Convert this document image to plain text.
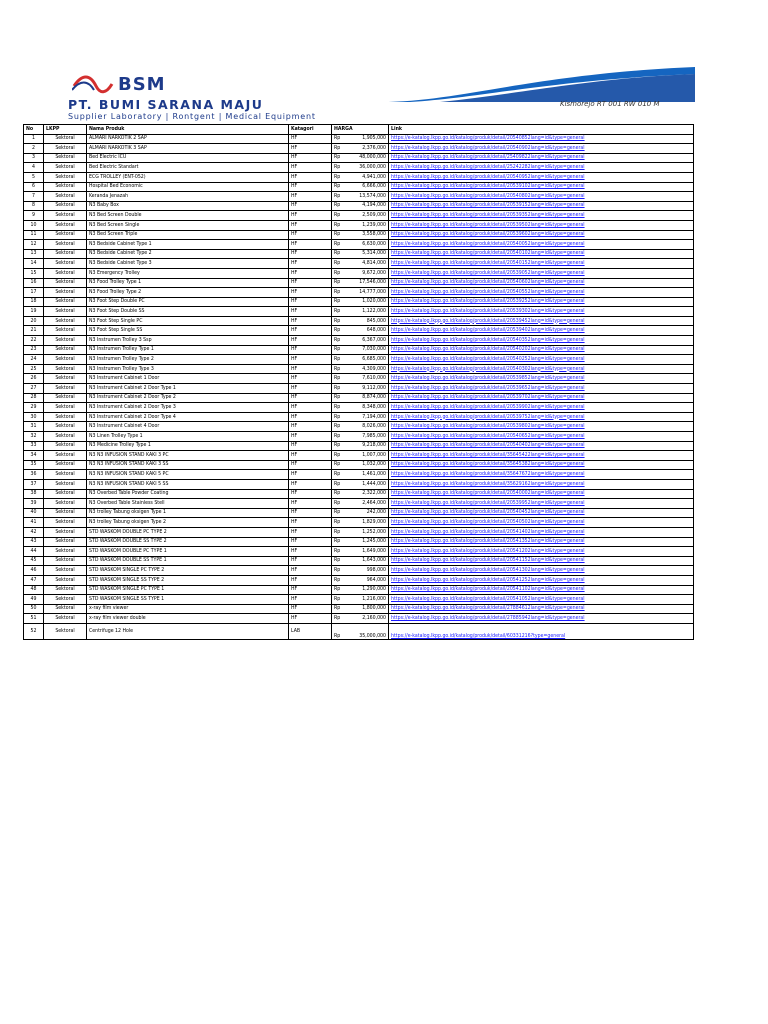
BSM
PT. BUMI SARANA MAJU
Supplier Laboratory | Rontgent | Medical Equipment
Kismorejo RT 001 RW 010 M
No	LKPP	Nama Produk	Katagori	HARGA		Link
1	Sektoral	ALMARI NARKOTIK 2 SAP	HF	Rp	1,905,000	https://e-katalog.lkpp.go.id/katalog/produk/detail/20540852lang=id&type=general
2	Sektoral	ALMARI NARKOTIK 3 SAP	HF	Rp	2,376,000	https://e-katalog.lkpp.go.id/katalog/produk/detail/20540902lang=id&type=general
3	Sektoral	Bed Electric ICU	HF	Rp	48,000,000	https://e-katalog.lkpp.go.id/katalog/produk/detail/25409822lang=id&type=general
4	Sektoral	Bed Electric Standart	HF	Rp	36,000,000	https://e-katalog.lkpp.go.id/katalog/produk/detail/25242282lang=id&type=general
5	Sektoral	ECG TROLLEY (ENT-052)	HF	Rp	4,941,000	https://e-katalog.lkpp.go.id/katalog/produk/detail/20540952lang=id&type=general
6	Sektoral	Hospital Bed Economic	HF	Rp	6,666,000	https://e-katalog.lkpp.go.id/katalog/produk/detail/20539102lang=id&type=general
7	Sektoral	Keranda Jenazah	HF	Rp	13,574,000	https://e-katalog.lkpp.go.id/katalog/produk/detail/20540802lang=id&type=general
8	Sektoral	N3 Baby Box	HF	Rp	4,194,000	https://e-katalog.lkpp.go.id/katalog/produk/detail/20539152lang=id&type=general
9	Sektoral	N3 Bed Screen Double	HF	Rp	2,509,000	https://e-katalog.lkpp.go.id/katalog/produk/detail/20539352lang=id&type=general
10	Sektoral	N3 Bed Screen Single	HF	Rp	1,239,000	https://e-katalog.lkpp.go.id/katalog/produk/detail/20539502lang=id&type=general
11	Sektoral	N3 Bed Screen Triple	HF	Rp	3,558,000	https://e-katalog.lkpp.go.id/katalog/produk/detail/20539602lang=id&type=general
12	Sektoral	N3 Bedside Cabinet Type 1	HF	Rp	6,630,000	https://e-katalog.lkpp.go.id/katalog/produk/detail/20540052lang=id&type=general
13	Sektoral	N3 Bedside Cabinet Type 2	HF	Rp	5,314,000	https://e-katalog.lkpp.go.id/katalog/produk/detail/20540102lang=id&type=general
14	Sektoral	N3 Bedside Cabinet Type 3	HF	Rp	4,814,000	https://e-katalog.lkpp.go.id/katalog/produk/detail/20540152lang=id&type=general
15	Sektoral	N3 Emergency Trolley	HF	Rp	9,672,000	https://e-katalog.lkpp.go.id/katalog/produk/detail/20539052lang=id&type=general
16	Sektoral	N3 Food Trolley Type 1	HF	Rp	17,546,000	https://e-katalog.lkpp.go.id/katalog/produk/detail/20540602lang=id&type=general
17	Sektoral	N3 Food Trolley Type 2	HF	Rp	14,777,000	https://e-katalog.lkpp.go.id/katalog/produk/detail/20540552lang=id&type=general
18	Sektoral	N3 Foot Step Double PC	HF	Rp	1,020,000	https://e-katalog.lkpp.go.id/katalog/produk/detail/20539252lang=id&type=general
19	Sektoral	N3 Foot Step Double SS	HF	Rp	1,122,000	https://e-katalog.lkpp.go.id/katalog/produk/detail/20539302lang=id&type=general
20	Sektoral	N3 Foot Step Single PC	HF	Rp	845,000	https://e-katalog.lkpp.go.id/katalog/produk/detail/20539452lang=id&type=general
21	Sektoral	N3 Foot Step Single SS	HF	Rp	648,000	https://e-katalog.lkpp.go.id/katalog/produk/detail/20539402lang=id&type=general
22	Sektoral	N3 Instrumen Trolley 3 Ssp	HF	Rp	6,367,000	https://e-katalog.lkpp.go.id/katalog/produk/detail/20540352lang=id&type=general
23	Sektoral	N3 Instrumen Trolley Type 1	HF	Rp	7,030,000	https://e-katalog.lkpp.go.id/katalog/produk/detail/20540202lang=id&type=general
24	Sektoral	N3 Instrumen Trolley Type 2	HF	Rp	6,685,000	https://e-katalog.lkpp.go.id/katalog/produk/detail/20540252lang=id&type=general
25	Sektoral	N3 Instrumen Trolley Type 3	HF	Rp	4,309,000	https://e-katalog.lkpp.go.id/katalog/produk/detail/20540302lang=id&type=general
26	Sektoral	N3 Instrument Cabinet 1 Door	HF	Rp	7,610,000	https://e-katalog.lkpp.go.id/katalog/produk/detail/20539852lang=id&type=general
27	Sektoral	N3 Instrument Cabinet 2 Door Type 1	HF	Rp	9,112,000	https://e-katalog.lkpp.go.id/katalog/produk/detail/20539652lang=id&type=general
28	Sektoral	N3 Instrument Cabinet 2 Door Type 2	HF	Rp	8,874,000	https://e-katalog.lkpp.go.id/katalog/produk/detail/20539702lang=id&type=general
29	Sektoral	N3 Instrument Cabinet 2 Door Type 3	HF	Rp	8,348,000	https://e-katalog.lkpp.go.id/katalog/produk/detail/20539902lang=id&type=general
30	Sektoral	N3 Instrument Cabinet 2 Door Type 4	HF	Rp	7,194,000	https://e-katalog.lkpp.go.id/katalog/produk/detail/20539752lang=id&type=general
31	Sektoral	N3 Instrument Cabinet 4 Door	HF	Rp	8,026,000	https://e-katalog.lkpp.go.id/katalog/produk/detail/20539802lang=id&type=general
32	Sektoral	N3 Linen Trolley Type 1	HF	Rp	7,985,000	https://e-katalog.lkpp.go.id/katalog/produk/detail/20540652lang=id&type=general
33	Sektoral	N3 Medicine Trolley Type 1	HF	Rp	9,218,000	https://e-katalog.lkpp.go.id/katalog/produk/detail/20540402lang=id&type=general
34	Sektoral	N3 N3 INFUSION STAND KAKI 3 PC	HF	Rp	1,007,000	https://e-katalog.lkpp.go.id/katalog/produk/detail/35645422lang=id&type=general
35	Sektoral	N3 N3 INFUSION STAND KAKI 3 SS	HF	Rp	1,032,000	https://e-katalog.lkpp.go.id/katalog/produk/detail/35645382lang=id&type=general
36	Sektoral	N3 N3 INFUSION STAND KAKI 5 PC	HF	Rp	1,461,000	https://e-katalog.lkpp.go.id/katalog/produk/detail/35647672lang=id&type=general
37	Sektoral	N3 N3 INFUSION STAND KAKI 5 SS	HF	Rp	1,444,000	https://e-katalog.lkpp.go.id/katalog/produk/detail/35629162lang=id&type=general
38	Sektoral	N3 Overbed Table Powder Coating	HF	Rp	2,322,000	https://e-katalog.lkpp.go.id/katalog/produk/detail/20540002lang=id&type=general
39	Sektoral	N3 Overbed Table Stainless Stell	HF	Rp	2,464,000	https://e-katalog.lkpp.go.id/katalog/produk/detail/20539952lang=id&type=general
40	Sektoral	N3 trolley Tabung oksigen Type 1	HF	Rp	242,000	https://e-katalog.lkpp.go.id/katalog/produk/detail/20540452lang=id&type=general
41	Sektoral	N3 trolley Tabung oksigen Type 2	HF	Rp	1,829,000	https://e-katalog.lkpp.go.id/katalog/produk/detail/20540502lang=id&type=general
42	Sektoral	STD WASKOM DOUBLE PC TYPE 2	HF	Rp	1,252,000	https://e-katalog.lkpp.go.id/katalog/produk/detail/20541402lang=id&type=general
43	Sektoral	STD WASKOM DOUBLE SS TYPE 2	HF	Rp	1,245,000	https://e-katalog.lkpp.go.id/katalog/produk/detail/20541352lang=id&type=general
44	Sektoral	STD WASKOM DOUBLE PC TYPE 1	HF	Rp	1,649,000	https://e-katalog.lkpp.go.id/katalog/produk/detail/20541202lang=id&type=general
45	Sektoral	STD WASKOM DOUBLE SS TYPE 1	HF	Rp	1,643,000	https://e-katalog.lkpp.go.id/katalog/produk/detail/20541152lang=id&type=general
46	Sektoral	STD WASKOM SINGLE PC TYPE 2	HF	Rp	998,000	https://e-katalog.lkpp.go.id/katalog/produk/detail/20541302lang=id&type=general
47	Sektoral	STD WASKOM SINGLE SS TYPE 2	HF	Rp	964,000	https://e-katalog.lkpp.go.id/katalog/produk/detail/20541252lang=id&type=general
48	Sektoral	STD WASKOM SINGLE PC TYPE 1	HF	Rp	1,290,000	https://e-katalog.lkpp.go.id/katalog/produk/detail/20541102lang=id&type=general
49	Sektoral	STD WASKOM SINGLE SS TYPE 1	HF	Rp	1,216,000	https://e-katalog.lkpp.go.id/katalog/produk/detail/20541052lang=id&type=general
50	Sektoral	x-ray film viewer	HF	Rp	1,800,000	https://e-katalog.lkpp.go.id/katalog/produk/detail/27884612lang=id&type=general
51	Sektoral	x-ray film viewer double	HF	Rp	2,160,000	https://e-katalog.lkpp.go.id/katalog/produk/detail/27885942lang=id&type=general
52	Sektoral	Centrifuge 12 Hole	LAB	Rp	35,000,000	https://e-katalog.lkpp.go.id/katalog/produk/detail/60331216?type=general
